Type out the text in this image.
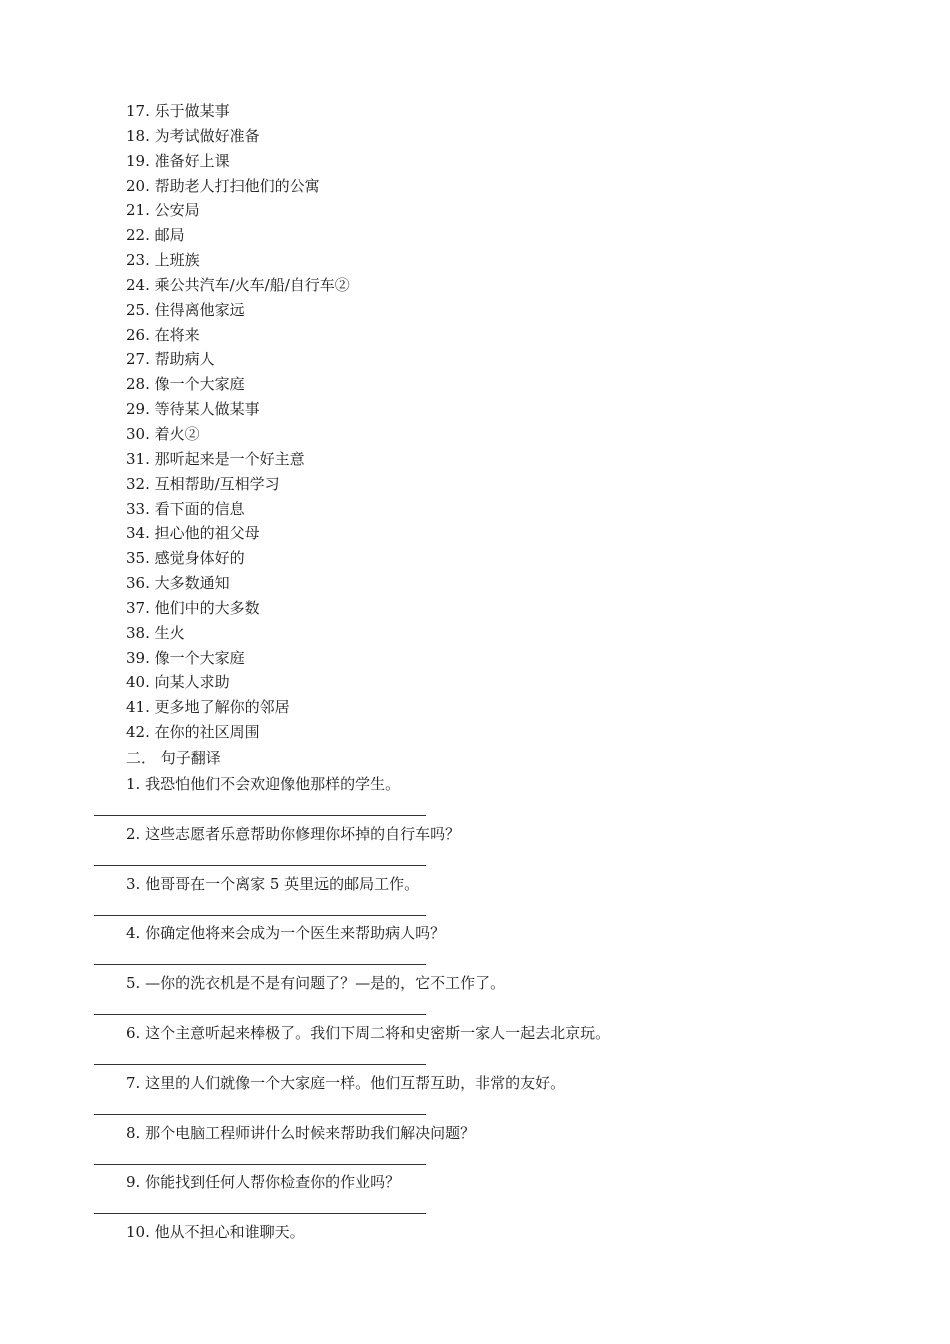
17. 乐于做某事
18. 为考试做好准备
19. 准备好上课
20. 帮助老人打扫他们的公寓
21. 公安局
22. 邮局
23. 上班族
24. 乘公共汽车/火车/船/自行车②
25. 住得离他家远
26. 在将来
27. 帮助病人
28. 像一个大家庭
29. 等待某人做某事
30. 着火②
31. 那听起来是一个好主意
32. 互相帮助/互相学习
33. 看下面的信息
34. 担心他的祖父母
35. 感觉身体好的
36. 大多数通知
37. 他们中的大多数
38. 生火
39. 像一个大家庭
40. 向某人求助
41. 更多地了解你的邻居
42. 在你的社区周围
二． 句子翻译
1. 我恐怕他们不会欢迎像他那样的学生。
2. 这些志愿者乐意帮助你修理你坏掉的自行车吗？
3. 他哥哥在一个离家 5 英里远的邮局工作。
4. 你确定他将来会成为一个医生来帮助病人吗？
5. —你的洗衣机是不是有问题了？—是的，它不工作了。
6. 这个主意听起来棒极了。我们下周二将和史密斯一家人一起去北京玩。
7. 这里的人们就像一个大家庭一样。他们互帮互助，非常的友好。
8. 那个电脑工程师讲什么时候来帮助我们解决问题？
9. 你能找到任何人帮你检查你的作业吗？
10. 他从不担心和谁聊天。
